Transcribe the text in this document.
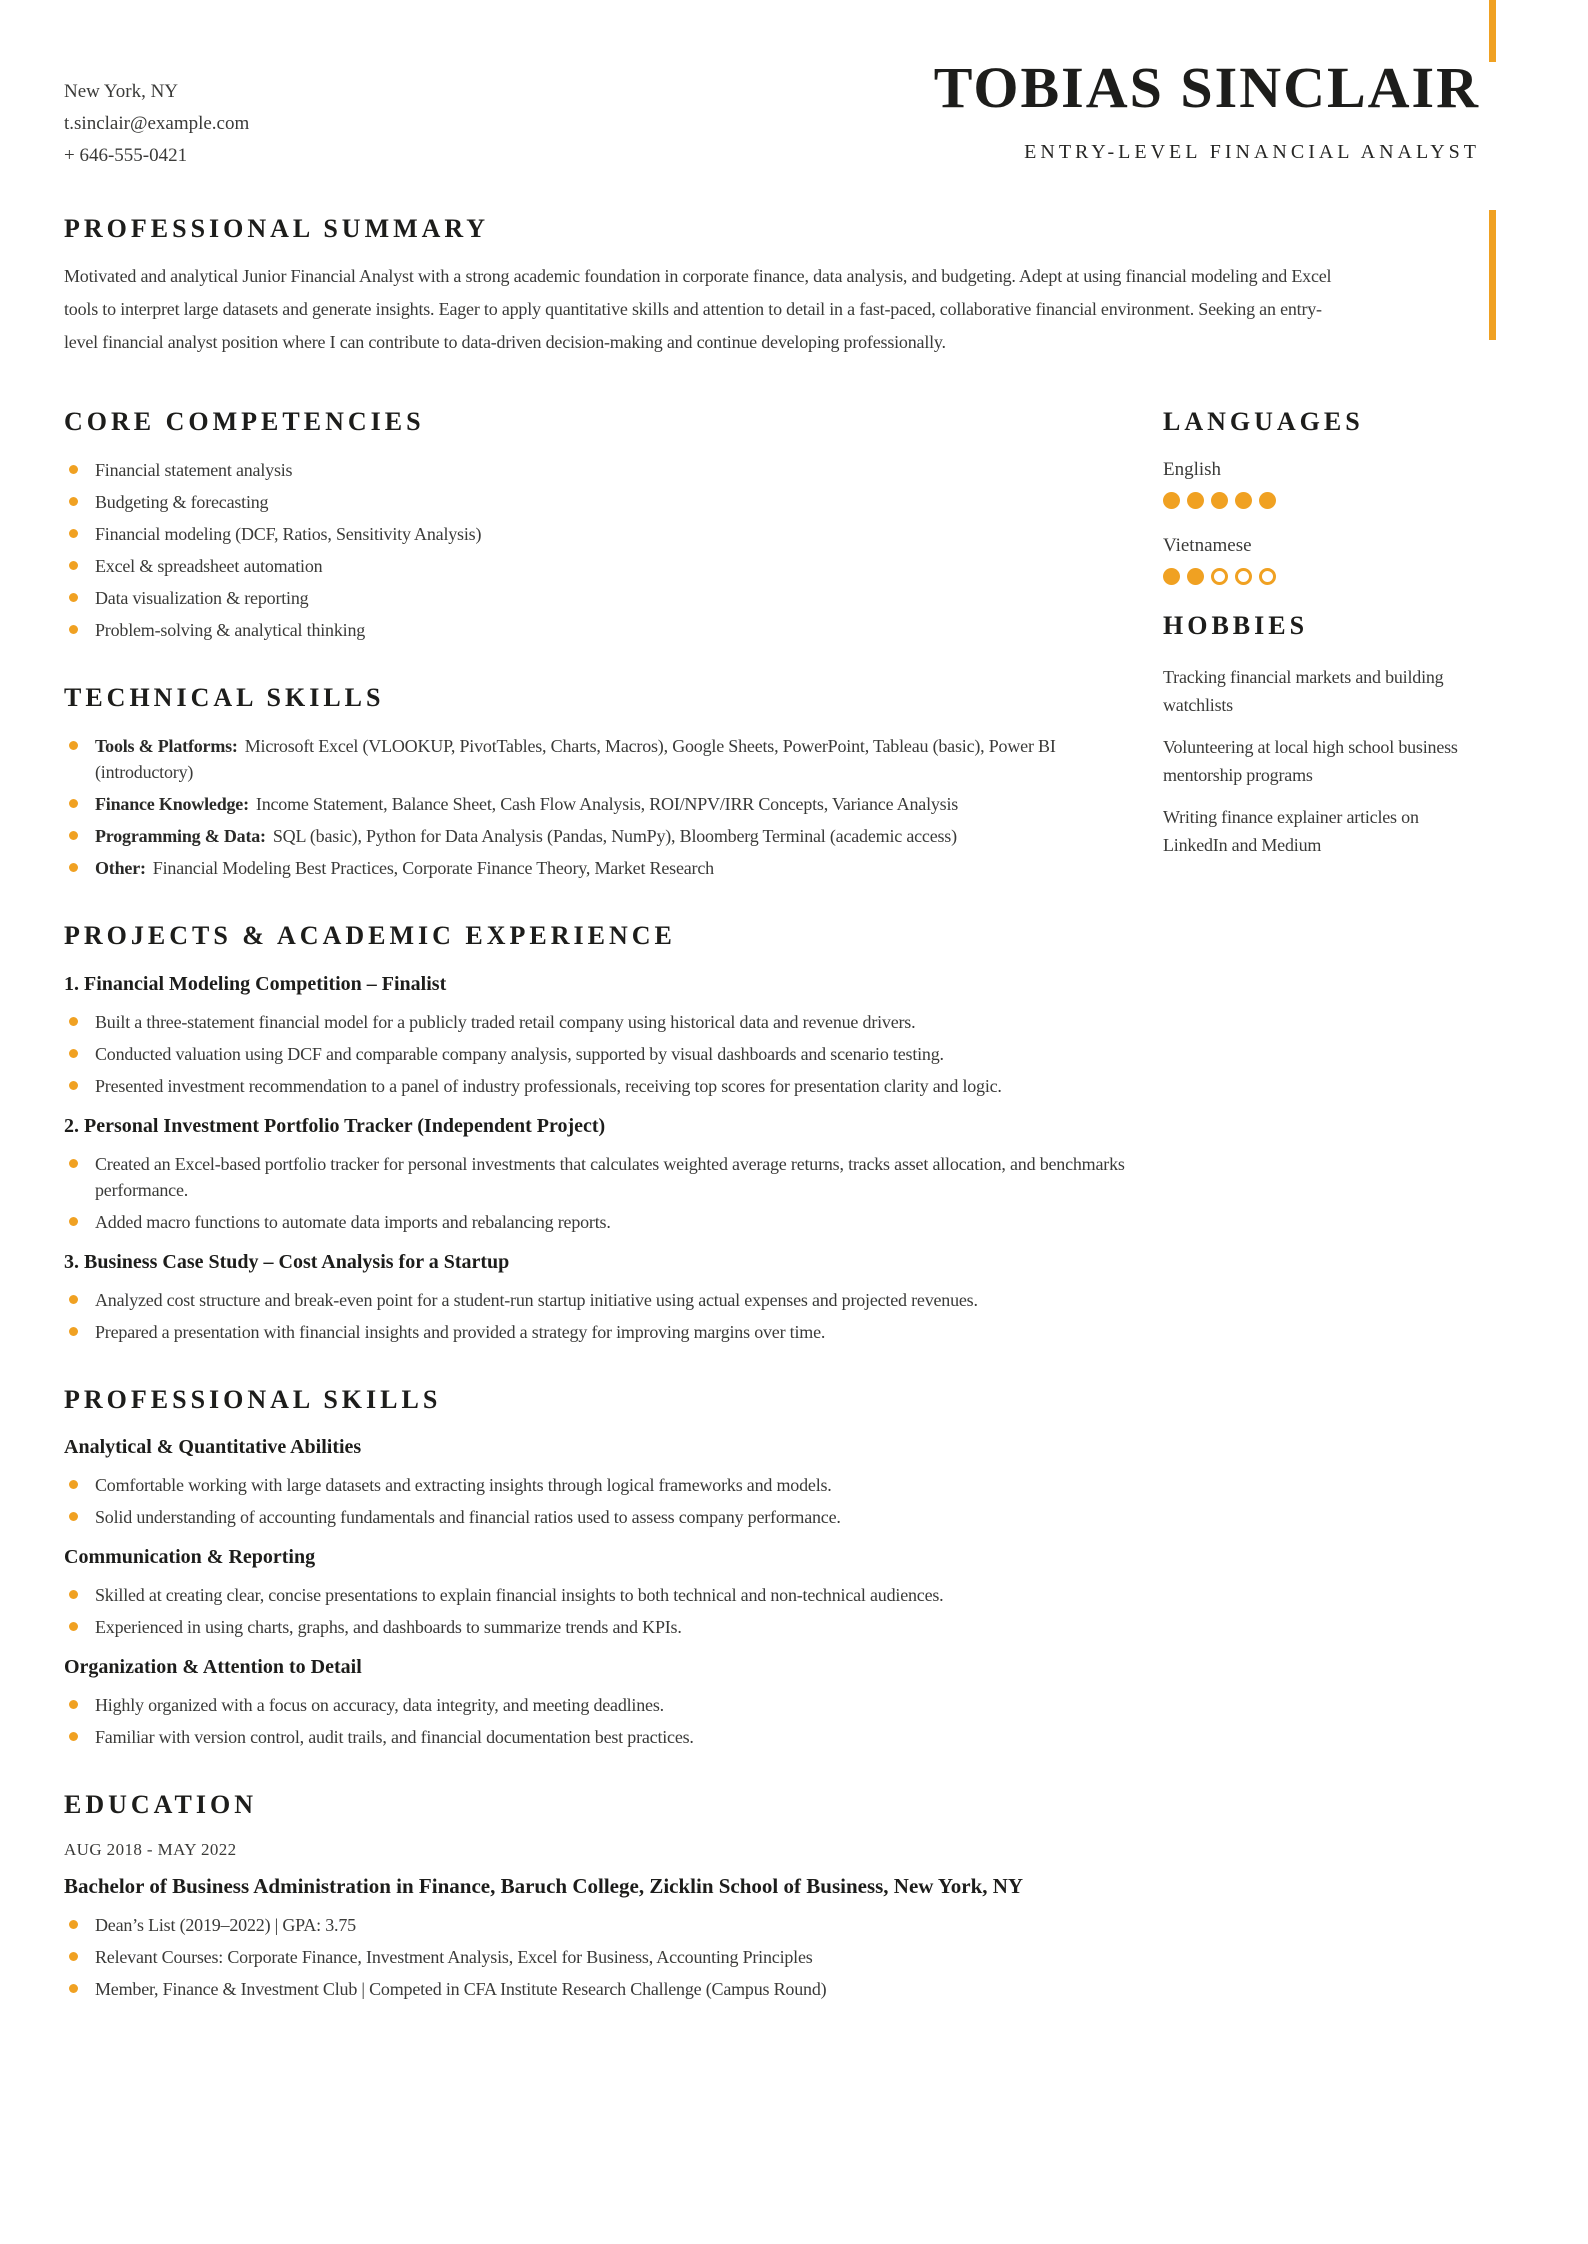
New York, NY
t.sinclair@example.com
+ 646-555-0421
TOBIAS SINCLAIR
ENTRY-LEVEL FINANCIAL ANALYST
PROFESSIONAL SUMMARY

Motivated and analytical Junior Financial Analyst with a strong academic foundation in corporate finance, data analysis, and budgeting. Adept at using financial modeling and Excel tools to interpret large datasets and generate insights. Eager to apply quantitative skills and attention to detail in a fast-paced, collaborative financial environment. Seeking an entry-level financial analyst position where I can contribute to data-driven decision-making and continue developing professionally.

CORE COMPETENCIES
Financial statement analysis
Budgeting & forecasting
Financial modeling (DCF, Ratios, Sensitivity Analysis)
Excel & spreadsheet automation
Data visualization & reporting
Problem-solving & analytical thinking
TECHNICAL SKILLS
Tools & Platforms: Microsoft Excel (VLOOKUP, PivotTables, Charts, Macros), Google Sheets, PowerPoint, Tableau (basic), Power BI (introductory)
Finance Knowledge: Income Statement, Balance Sheet, Cash Flow Analysis, ROI/NPV/IRR Concepts, Variance Analysis
Programming & Data: SQL (basic), Python for Data Analysis (Pandas, NumPy), Bloomberg Terminal (academic access)
Other: Financial Modeling Best Practices, Corporate Finance Theory, Market Research
PROJECTS & ACADEMIC EXPERIENCE
1. Financial Modeling Competition – Finalist
Built a three-statement financial model for a publicly traded retail company using historical data and revenue drivers.
Conducted valuation using DCF and comparable company analysis, supported by visual dashboards and scenario testing.
Presented investment recommendation to a panel of industry professionals, receiving top scores for presentation clarity and logic.
2. Personal Investment Portfolio Tracker (Independent Project)
Created an Excel-based portfolio tracker for personal investments that calculates weighted average returns, tracks asset allocation, and benchmarks performance.
Added macro functions to automate data imports and rebalancing reports.
3. Business Case Study – Cost Analysis for a Startup
Analyzed cost structure and break-even point for a student-run startup initiative using actual expenses and projected revenues.
Prepared a presentation with financial insights and provided a strategy for improving margins over time.
PROFESSIONAL SKILLS
Analytical & Quantitative Abilities
Comfortable working with large datasets and extracting insights through logical frameworks and models.
Solid understanding of accounting fundamentals and financial ratios used to assess company performance.
Communication & Reporting
Skilled at creating clear, concise presentations to explain financial insights to both technical and non-technical audiences.
Experienced in using charts, graphs, and dashboards to summarize trends and KPIs.
Organization & Attention to Detail
Highly organized with a focus on accuracy, data integrity, and meeting deadlines.
Familiar with version control, audit trails, and financial documentation best practices.
EDUCATION
AUG 2018 - MAY 2022
Bachelor of Business Administration in Finance, Baruch College, Zicklin School of Business, New York, NY
Dean’s List (2019–2022) | GPA: 3.75
Relevant Courses: Corporate Finance, Investment Analysis, Excel for Business, Accounting Principles
Member, Finance & Investment Club | Competed in CFA Institute Research Challenge (Campus Round)
LANGUAGES
English
Vietnamese
HOBBIES

Tracking financial markets and building watchlists

Volunteering at local high school business mentorship programs

Writing finance explainer articles on LinkedIn and Medium
